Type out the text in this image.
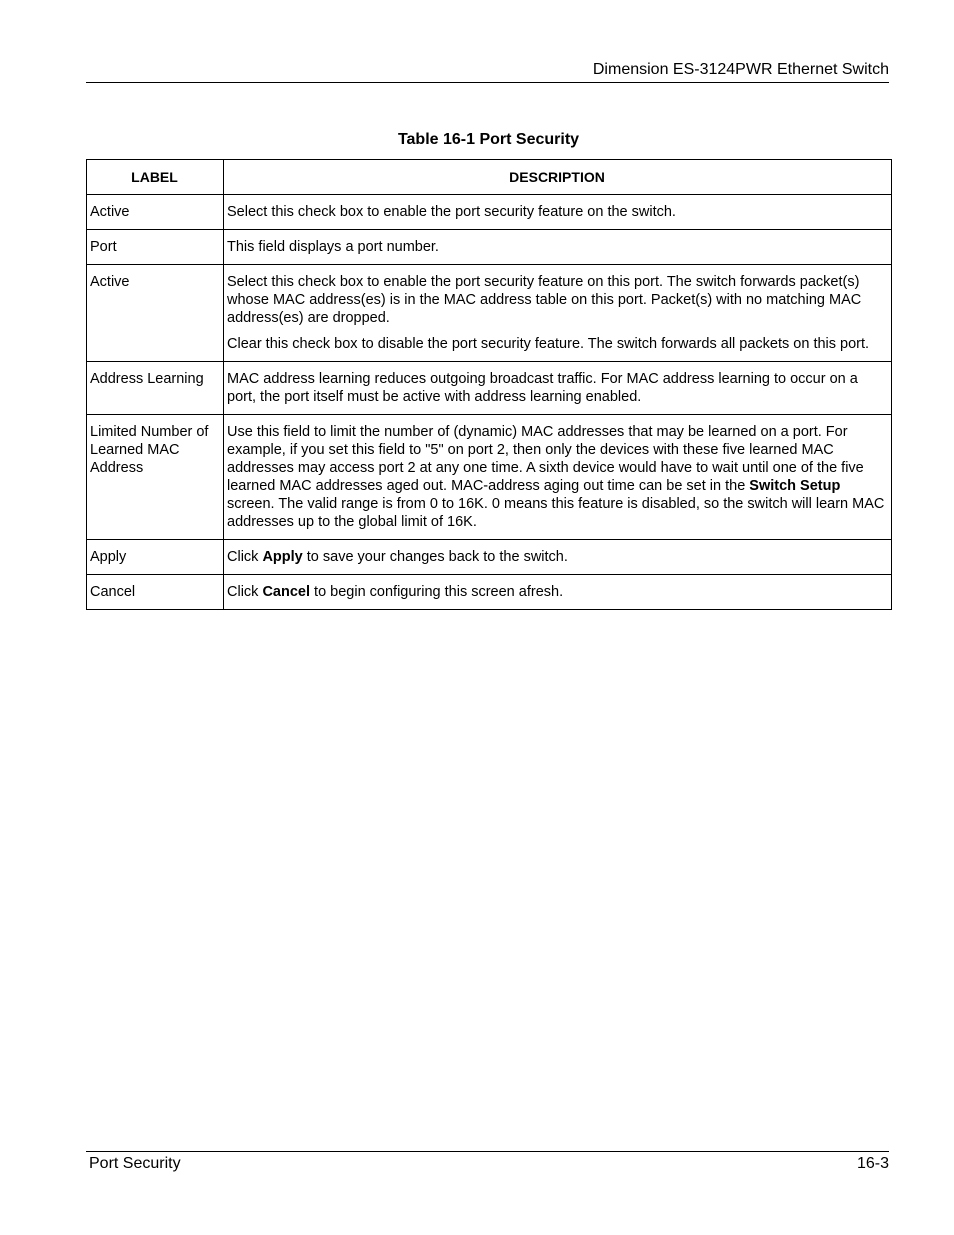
Dimension ES-3124PWR Ethernet Switch
Table 16-1 Port Security
LABEL	DESCRIPTION
Active	Select this check box to enable the port security feature on the switch.

Port	This field displays a port number.

Active	Select this check box to enable the port security feature on this port. The switch forwards packet(s) whose MAC address(es) is in the MAC address table on this port. Packet(s) with no matching MAC address(es) are dropped.

Clear this check box to disable the port security feature. The switch forwards all packets on this port.

Address Learning	MAC address learning reduces outgoing broadcast traffic. For MAC address learning to occur on a port, the port itself must be active with address learning enabled.

Limited Number of Learned MAC Address	Use this field to limit the number of (dynamic) MAC addresses that may be learned on a port. For example, if you set this field to "5" on port 2, then only the devices with these five learned MAC addresses may access port 2 at any one time. A sixth device would have to wait until one of the five learned MAC addresses aged out. MAC-address aging out time can be set in the Switch Setup screen. The valid range is from 0 to 16K. 0 means this feature is disabled, so the switch will learn MAC addresses up to the global limit of 16K.

Apply	Click Apply to save your changes back to the switch.

Cancel	Click Cancel to begin configuring this screen afresh.

Port Security	16-3
